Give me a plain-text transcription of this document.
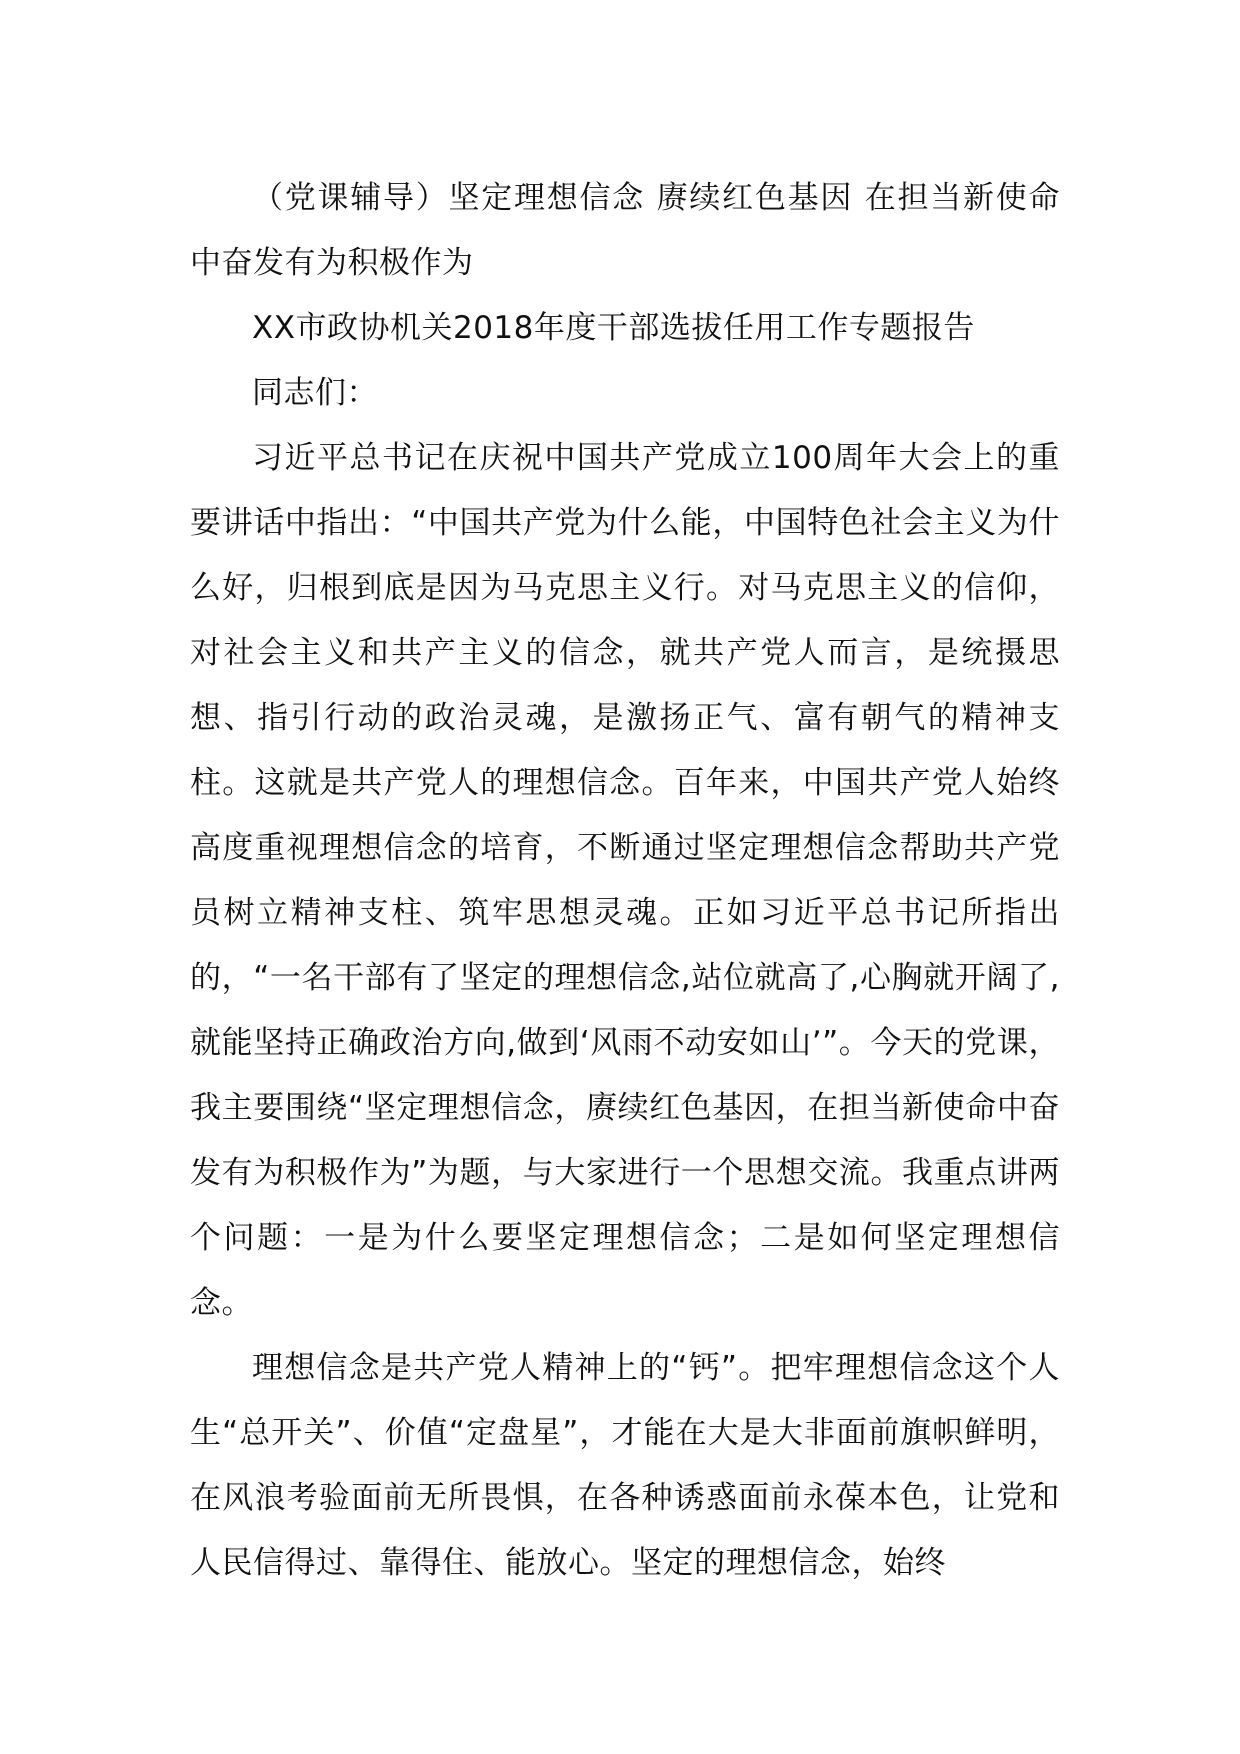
（党课辅导）坚定理想信念 赓续红色基因 在担当新使命中奋发有为积极作为

XX市政协机关2018年度干部选拔任用工作专题报告

同志们：

习近平总书记在庆祝中国共产党成立100周年大会上的重要讲话中指出：“中国共产党为什么能，中国特色社会主义为什么好，归根到底是因为马克思主义行。对马克思主义的信仰，对社会主义和共产主义的信念，就共产党人而言，是统摄思想、指引行动的政治灵魂，是激扬正气、富有朝气的精神支柱。这就是共产党人的理想信念。百年来，中国共产党人始终高度重视理想信念的培育，不断通过坚定理想信念帮助共产党员树立精神支柱、筑牢思想灵魂。正如习近平总书记所指出的，“一名干部有了坚定的理想信念,站位就高了,心胸就开阔了,就能坚持正确政治方向,做到‘风雨不动安如山’”。今天的党课，我主要围绕“坚定理想信念，赓续红色基因，在担当新使命中奋发有为积极作为”为题，与大家进行一个思想交流。我重点讲两个问题：一是为什么要坚定理想信念；二是如何坚定理想信念。

理想信念是共产党人精神上的“钙”。把牢理想信念这个人生“总开关”、价值“定盘星”，才能在大是大非面前旗帜鲜明，在风浪考验面前无所畏惧，在各种诱惑面前永葆本色，让党和人民信得过、靠得住、能放心。坚定的理想信念，始终
